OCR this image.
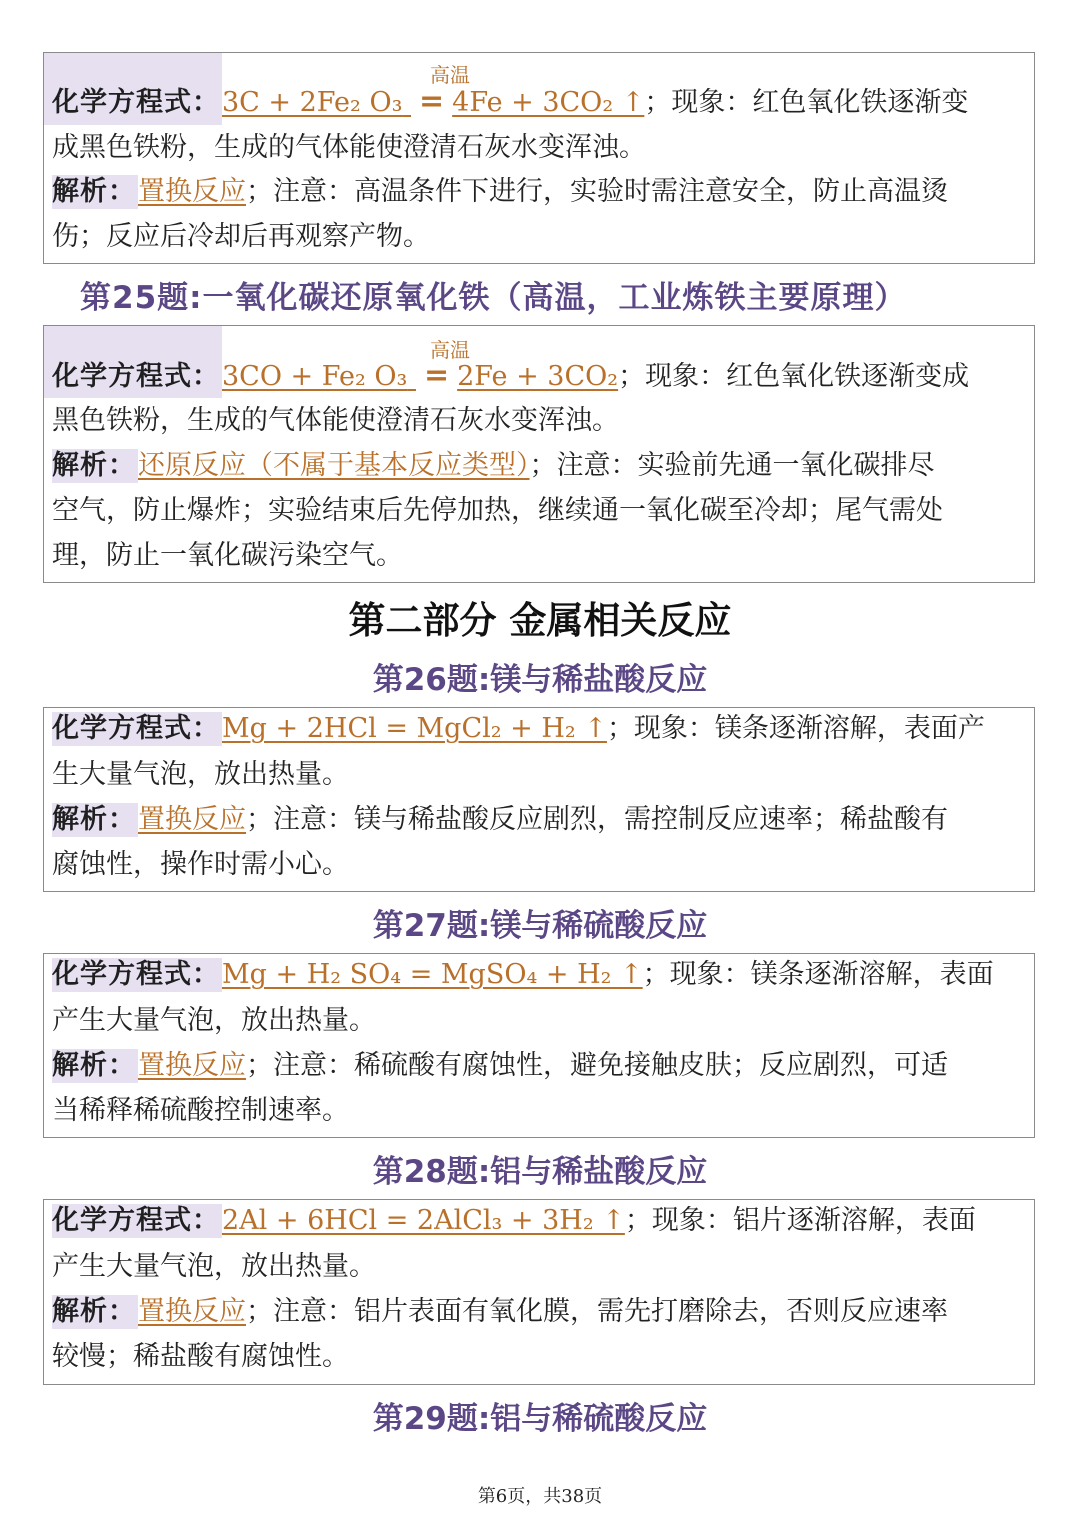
高温
化学方程式：3C + 2Fe₂ O₃ = 4Fe + 3CO₂ ↑；现象：红色氧化铁逐渐变
成黑色铁粉，生成的气体能使澄清石灰水变浑浊。
解析：置换反应；注意：高温条件下进行，实验时需注意安全，防止高温烫
伤；反应后冷却后再观察产物。
第25题:一氧化碳还原氧化铁（高温，工业炼铁主要原理）
高温
化学方程式：3CO + Fe₂ O₃ = 2Fe + 3CO₂；现象：红色氧化铁逐渐变成
黑色铁粉，生成的气体能使澄清石灰水变浑浊。
解析：还原反应（不属于基本反应类型）；注意：实验前先通一氧化碳排尽
空气，防止爆炸；实验结束后先停加热，继续通一氧化碳至冷却；尾气需处
理，防止一氧化碳污染空气。
第二部分 金属相关反应
第26题:镁与稀盐酸反应
化学方程式：Mg + 2HCl = MgCl₂ + H₂ ↑；现象：镁条逐渐溶解，表面产
生大量气泡，放出热量。
解析：置换反应；注意：镁与稀盐酸反应剧烈，需控制反应速率；稀盐酸有
腐蚀性，操作时需小心。
第27题:镁与稀硫酸反应
化学方程式：Mg + H₂ SO₄ = MgSO₄ + H₂ ↑；现象：镁条逐渐溶解，表面
产生大量气泡，放出热量。
解析：置换反应；注意：稀硫酸有腐蚀性，避免接触皮肤；反应剧烈，可适
当稀释稀硫酸控制速率。
第28题:铝与稀盐酸反应
化学方程式：2Al + 6HCl = 2AlCl₃ + 3H₂ ↑；现象：铝片逐渐溶解，表面
产生大量气泡，放出热量。
解析：置换反应；注意：铝片表面有氧化膜，需先打磨除去，否则反应速率
较慢；稀盐酸有腐蚀性。
第29题:铝与稀硫酸反应
第6页，共38页
